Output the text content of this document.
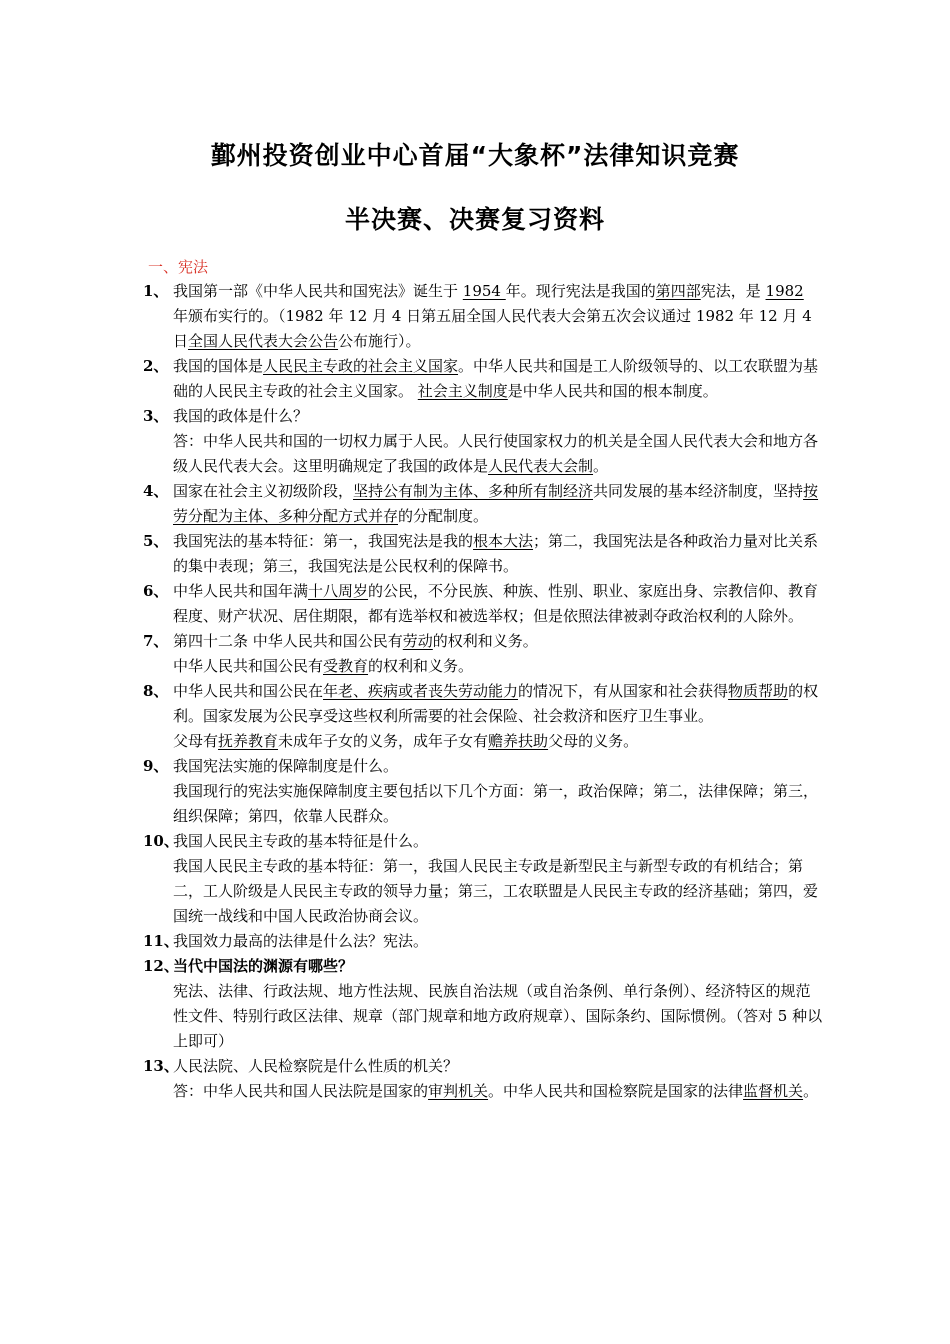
鄞州投资创业中心首届“大象杯”法律知识竞赛
半决赛、决赛复习资料
一、宪法
1、 我国第一部《中华人民共和国宪法》诞生于 1954 年。现行宪法是我国的第四部宪法，是 1982 年颁布实行的。（1982 年 12 月 4 日第五届全国人民代表大会第五次会议通过 1982 年 12 月 4 日全国人民代表大会公告公布施行）。

2、 我国的国体是人民民主专政的社会主义国家。中华人民共和国是工人阶级领导的、以工农联盟为基础的人民民主专政的社会主义国家。 社会主义制度是中华人民共和国的根本制度。

3、 我国的政体是什么？

答：中华人民共和国的一切权力属于人民。人民行使国家权力的机关是全国人民代表大会和地方各级人民代表大会。这里明确规定了我国的政体是人民代表大会制。

4、 国家在社会主义初级阶段，坚持公有制为主体、多种所有制经济共同发展的基本经济制度，坚持按劳分配为主体、多种分配方式并存的分配制度。

5、 我国宪法的基本特征：第一，我国宪法是我的根本大法；第二，我国宪法是各种政治力量对比关系的集中表现；第三，我国宪法是公民权利的保障书。

6、 中华人民共和国年满十八周岁的公民，不分民族、种族、性别、职业、家庭出身、宗教信仰、教育程度、财产状况、居住期限，都有选举权和被选举权；但是依照法律被剥夺政治权利的人除外。

7、 第四十二条 中华人民共和国公民有劳动的权利和义务。

中华人民共和国公民有受教育的权利和义务。

8、 中华人民共和国公民在年老、疾病或者丧失劳动能力的情况下，有从国家和社会获得物质帮助的权利。国家发展为公民享受这些权利所需要的社会保险、社会救济和医疗卫生事业。

父母有抚养教育未成年子女的义务，成年子女有赡养扶助父母的义务。

9、 我国宪法实施的保障制度是什么。

我国现行的宪法实施保障制度主要包括以下几个方面：第一，政治保障；第二，法律保障；第三，组织保障；第四，依靠人民群众。

10、

我国人民民主专政的基本特征是什么。

我国人民民主专政的基本特征：第一，我国人民民主专政是新型民主与新型专政的有机结合；第二，工人阶级是人民民主专政的领导力量；第三，工农联盟是人民民主专政的经济基础；第四，爱国统一战线和中国人民政治协商会议。

11、

我国效力最高的法律是什么法？宪法。

12、

当代中国法的渊源有哪些？

宪法、法律、行政法规、地方性法规、民族自治法规（或自治条例、单行条例）、经济特区的规范性文件、特别行政区法律、规章（部门规章和地方政府规章）、国际条约、国际惯例。（答对 5 种以上即可）

13、

人民法院、人民检察院是什么性质的机关？

答：中华人民共和国人民法院是国家的审判机关。中华人民共和国检察院是国家的法律监督机关。
